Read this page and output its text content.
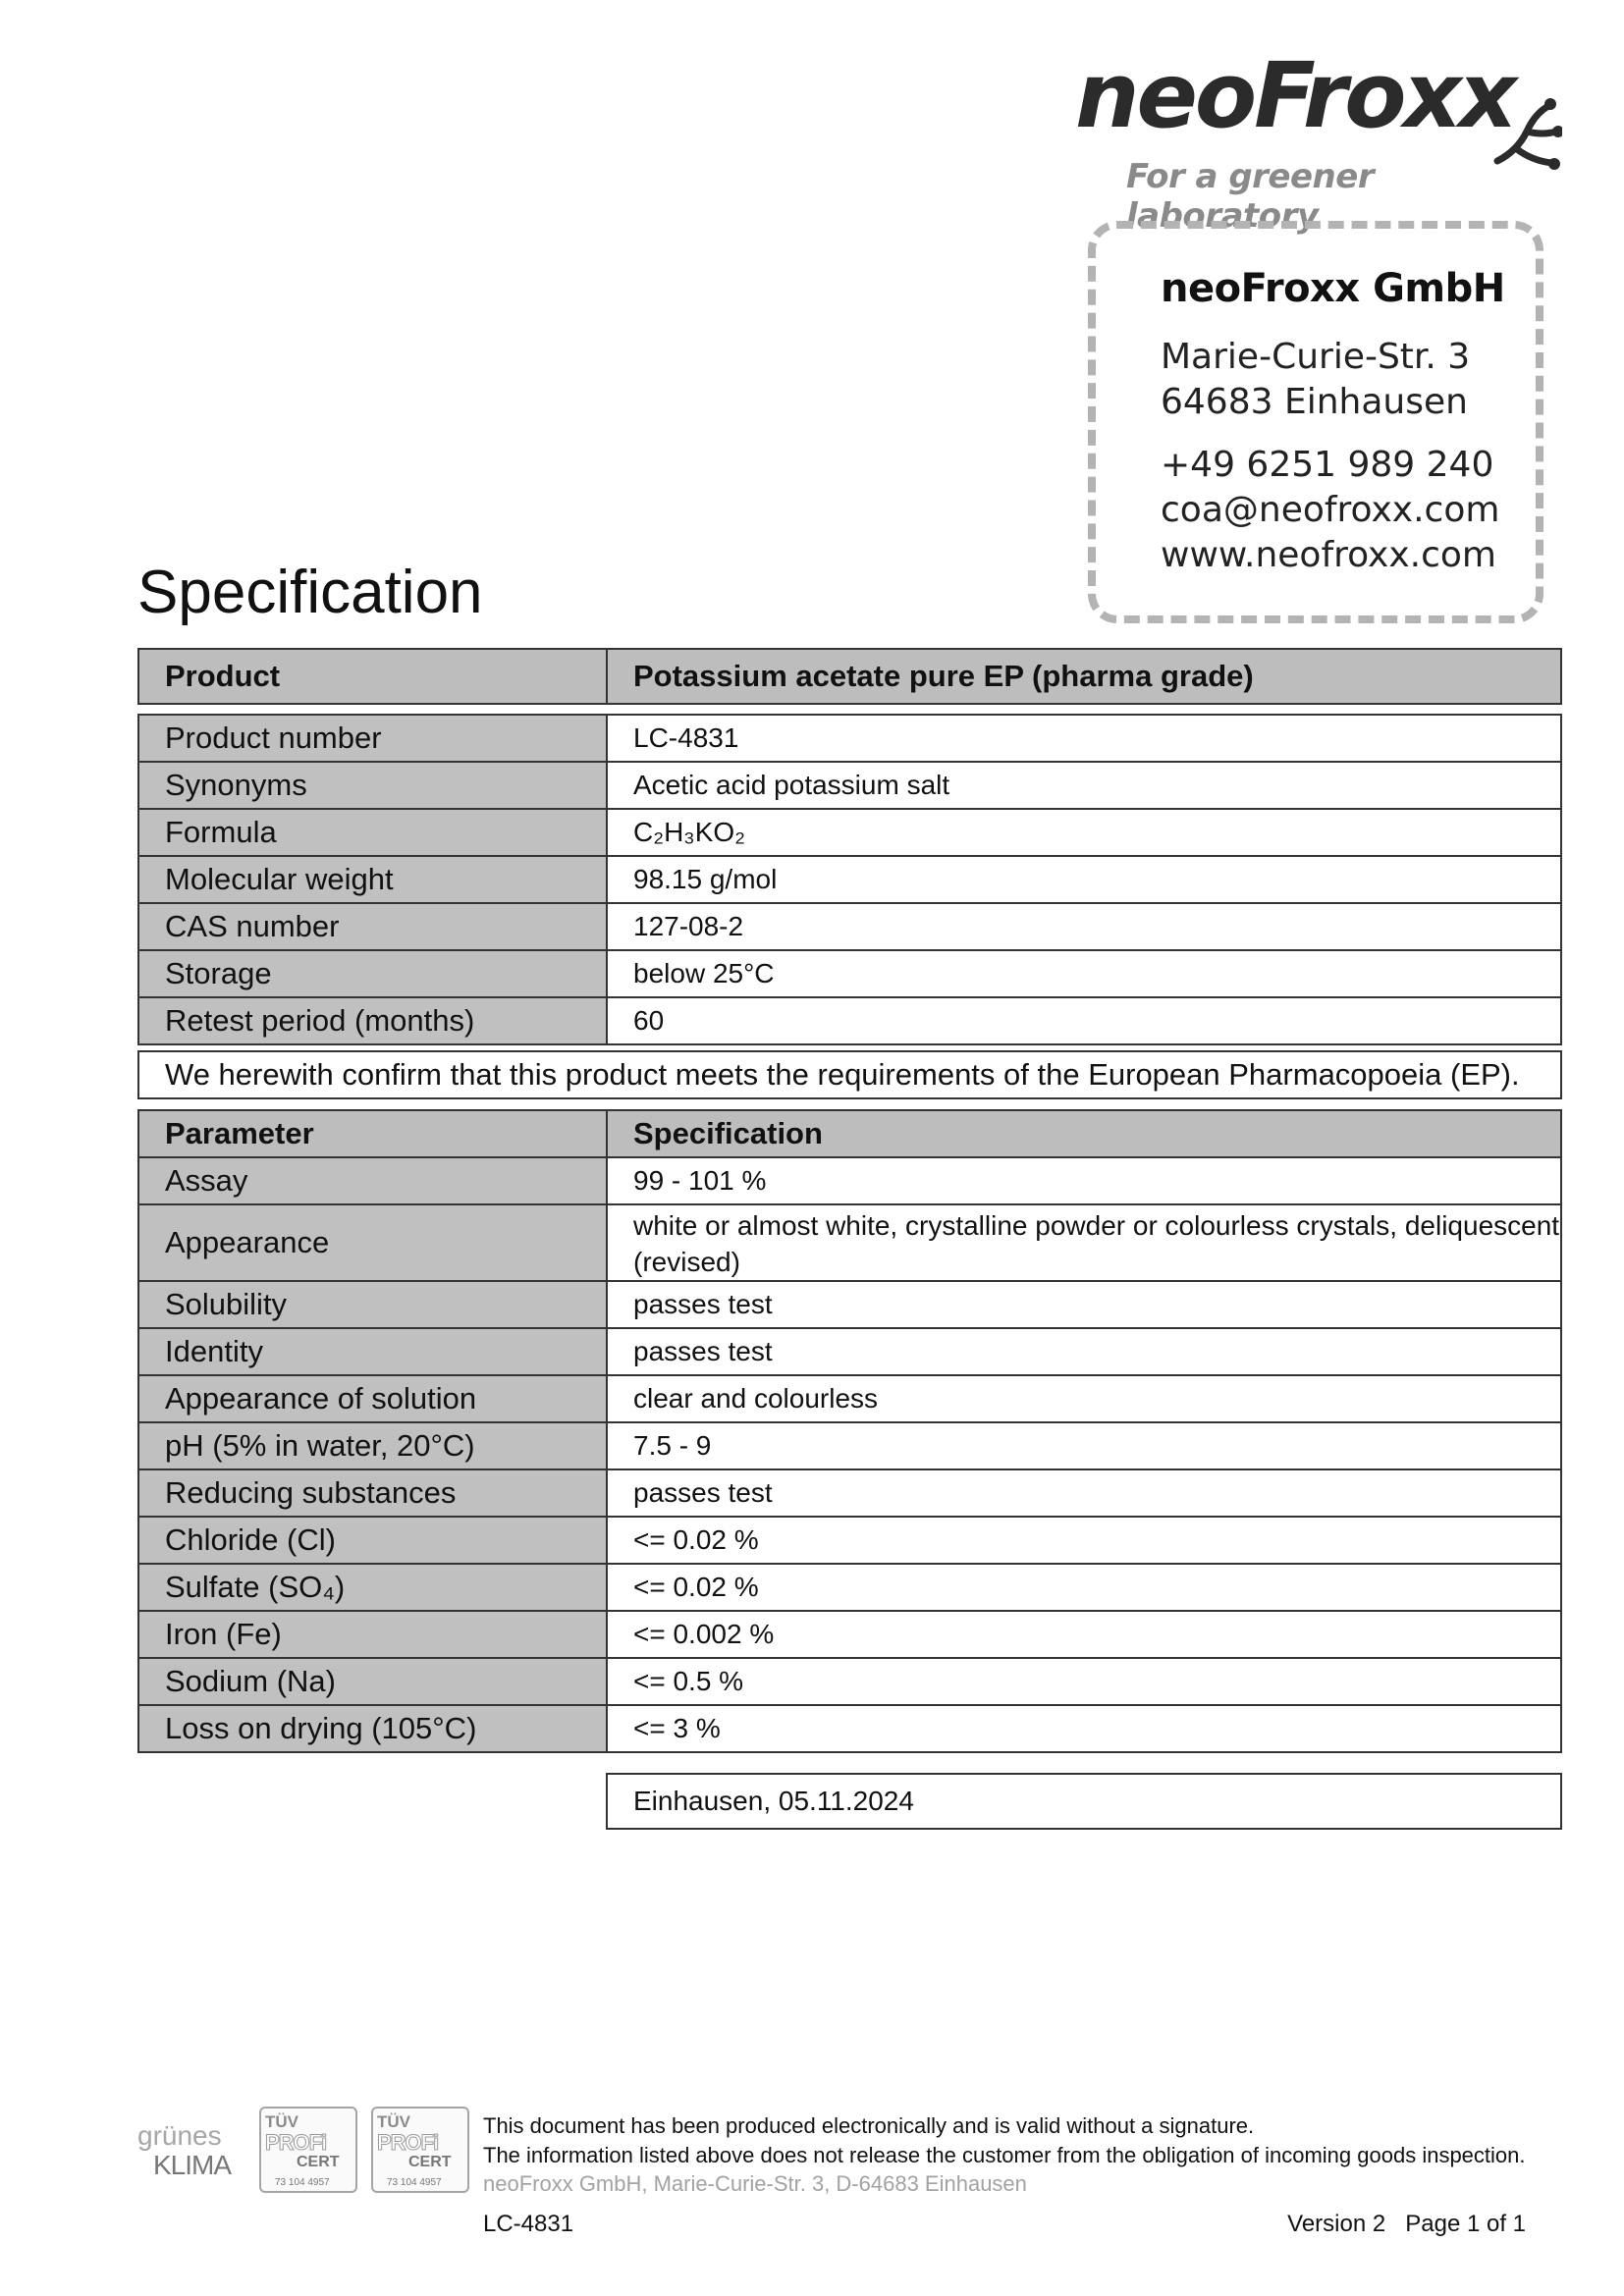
neoFroxx
For a greener laboratory
neoFroxx GmbH
Marie-Curie-Str. 3
64683 Einhausen
+49 6251 989 240
coa@neofroxx.com
www.neofroxx.com
Specification
Product	Potassium acetate pure EP (pharma grade)
Product number	LC-4831
Synonyms	Acetic acid potassium salt
Formula	C₂H₃KO₂
Molecular weight	98.15 g/mol
CAS number	127-08-2
Storage	below 25°C
Retest period (months)	60
We herewith confirm that this product meets the requirements of the European Pharmacopoeia (EP).
Parameter	Specification
Assay	99 - 101 %
Appearance	white or almost white, crystalline powder or colourless crystals, deliquescent (revised)
Solubility	passes test
Identity	passes test
Appearance of solution	clear and colourless
pH (5% in water, 20°C)	7.5 - 9
Reducing substances	passes test
Chloride (Cl)	<= 0.02 %
Sulfate (SO₄)	<= 0.02 %
Iron (Fe)	<= 0.002 %
Sodium (Na)	<= 0.5 %
Loss on drying (105°C)	<= 3 %
Einhausen, 05.11.2024
grünes
KLIMA
TÜV
PROFi
CERT
73 104 4957
TÜV
PROFi
CERT
73 104 4957
This document has been produced electronically and is valid without a signature.
The information listed above does not release the customer from the obligation of incoming goods inspection.
neoFroxx GmbH, Marie-Curie-Str. 3, D-64683 Einhausen
LC-4831	Version 2 Page 1 of 1
